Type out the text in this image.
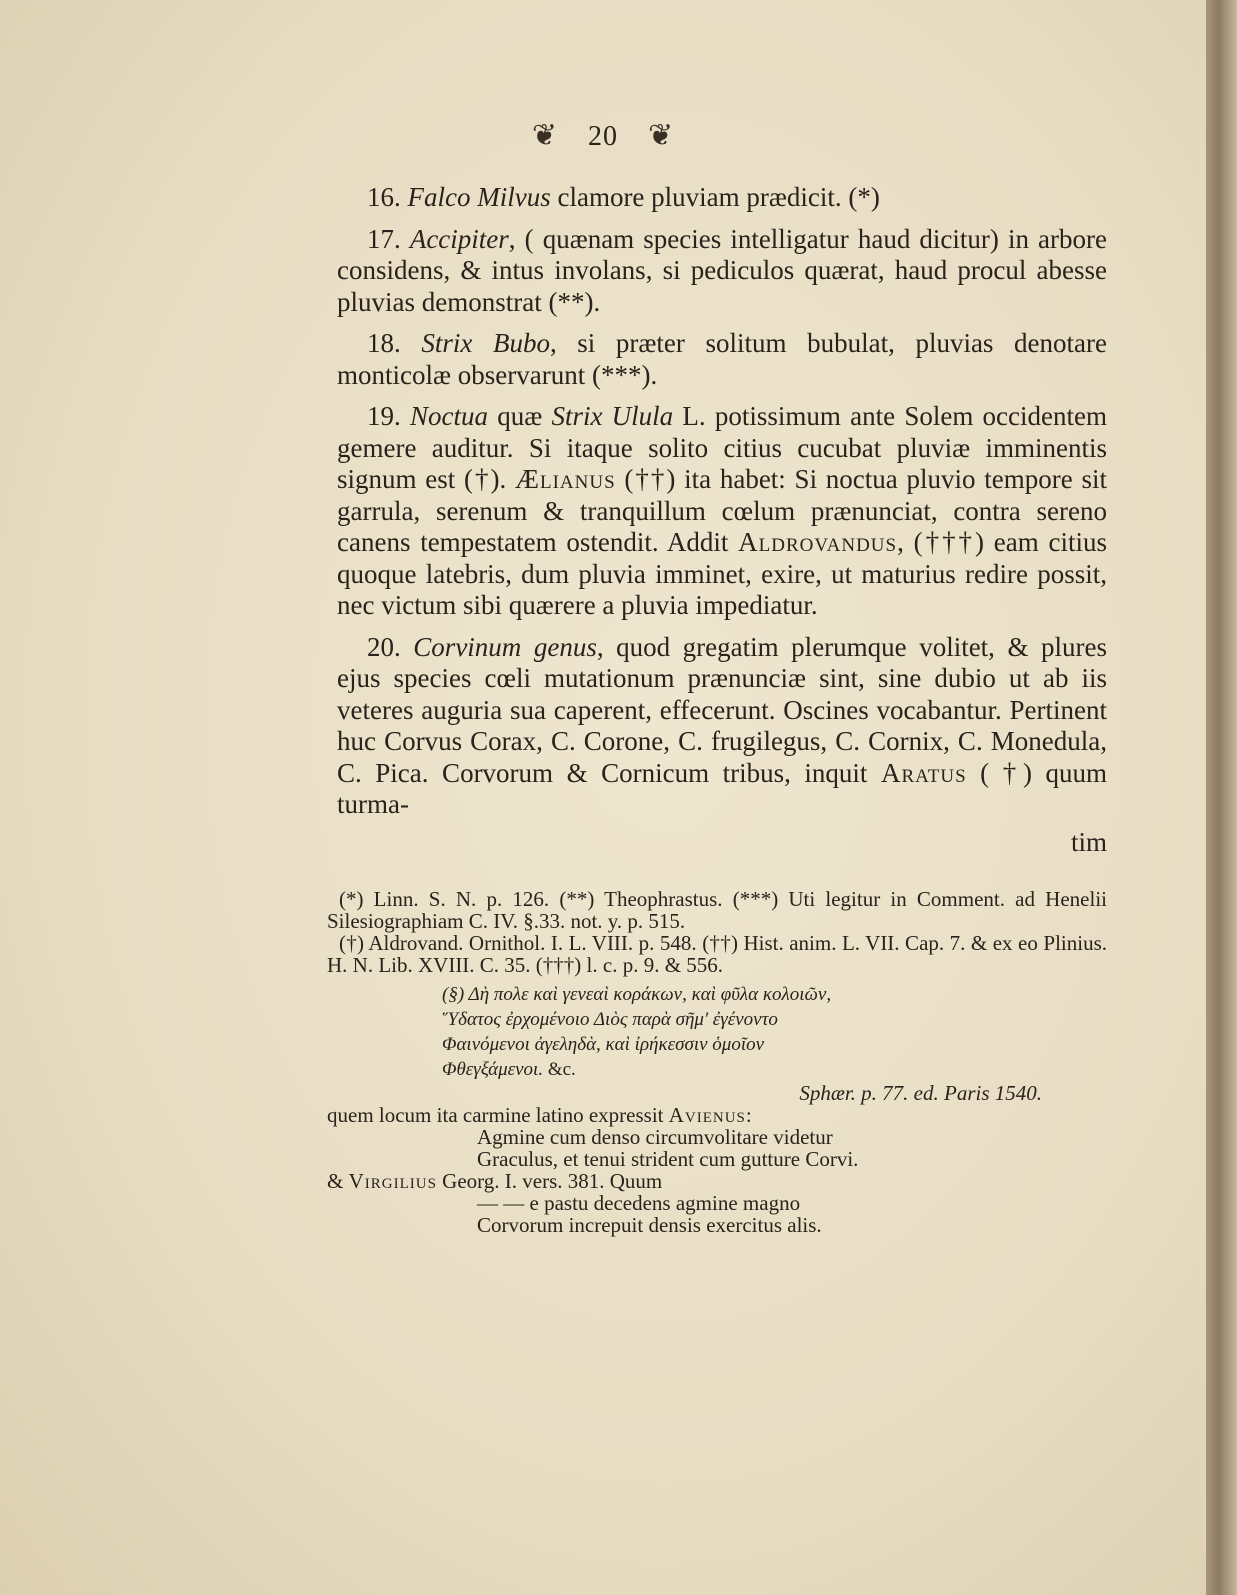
❦ 20 ❦

16. Falco Milvus clamore pluviam prædicit. (*)

17. Accipiter, ( quænam species intelligatur haud dicitur) in arbore considens, & intus involans, si pediculos quærat, haud procul abesse pluvias demonstrat (**).

18. Strix Bubo, si præter solitum bubulat, pluvias denotare monticolæ observarunt (***).

19. Noctua quæ Strix Ulula L. potissimum ante Solem occidentem gemere auditur. Si itaque solito citius cucubat pluviæ imminentis signum est (†). Ælianus (††) ita habet: Si noctua pluvio tempore sit garrula, serenum & tranquillum cœlum prænunciat, contra sereno canens tempestatem ostendit. Addit Aldrovandus, (†††) eam citius quoque latebris, dum pluvia imminet, exire, ut maturius redire possit, nec victum sibi quærere a pluvia impediatur.

20. Corvinum genus, quod gregatim plerumque volitet, & plures ejus species cœli mutationum prænunciæ sint, sine dubio ut ab iis veteres auguria sua caperent, effecerunt. Oscines vocabantur. Pertinent huc Corvus Corax, C. Corone, C. frugilegus, C. Cornix, C. Monedula, C. Pica. Corvorum & Cornicum tribus, inquit Aratus ( †) quum turma-

tim

(*) Linn. S. N. p. 126. (**) Theophrastus. (***) Uti legitur in Comment. ad Henelii Silesiographiam C. IV. §.33. not. y. p. 515.

(†) Aldrovand. Ornithol. I. L. VIII. p. 548. (††) Hist. anim. L. VII. Cap. 7. & ex eo Plinius. H. N. Lib. XVIII. C. 35. (†††) l. c. p. 9. & 556.

(§) Δὴ πολε καὶ γενεαὶ κοράκων, καὶ φῦλα κολοιῶν,
Ὕδατος ἐρχομένοιο Διὸς παρὰ σῆμ' ἐγένοντο
Φαινόμενοι ἀγεληδὰ, καὶ ἰρήκεσσιν ὁμοῖον
Φθεγξάμενοι. &c.
Sphær. p. 77. ed. Paris 1540.
quem locum ita carmine latino expressit Avienus:
Agmine cum denso circumvolitare videtur
Graculus, et tenui strident cum gutture Corvi.
& Virgilius Georg. I. vers. 381. Quum
— — e pastu decedens agmine magno
Corvorum increpuit densis exercitus alis.
